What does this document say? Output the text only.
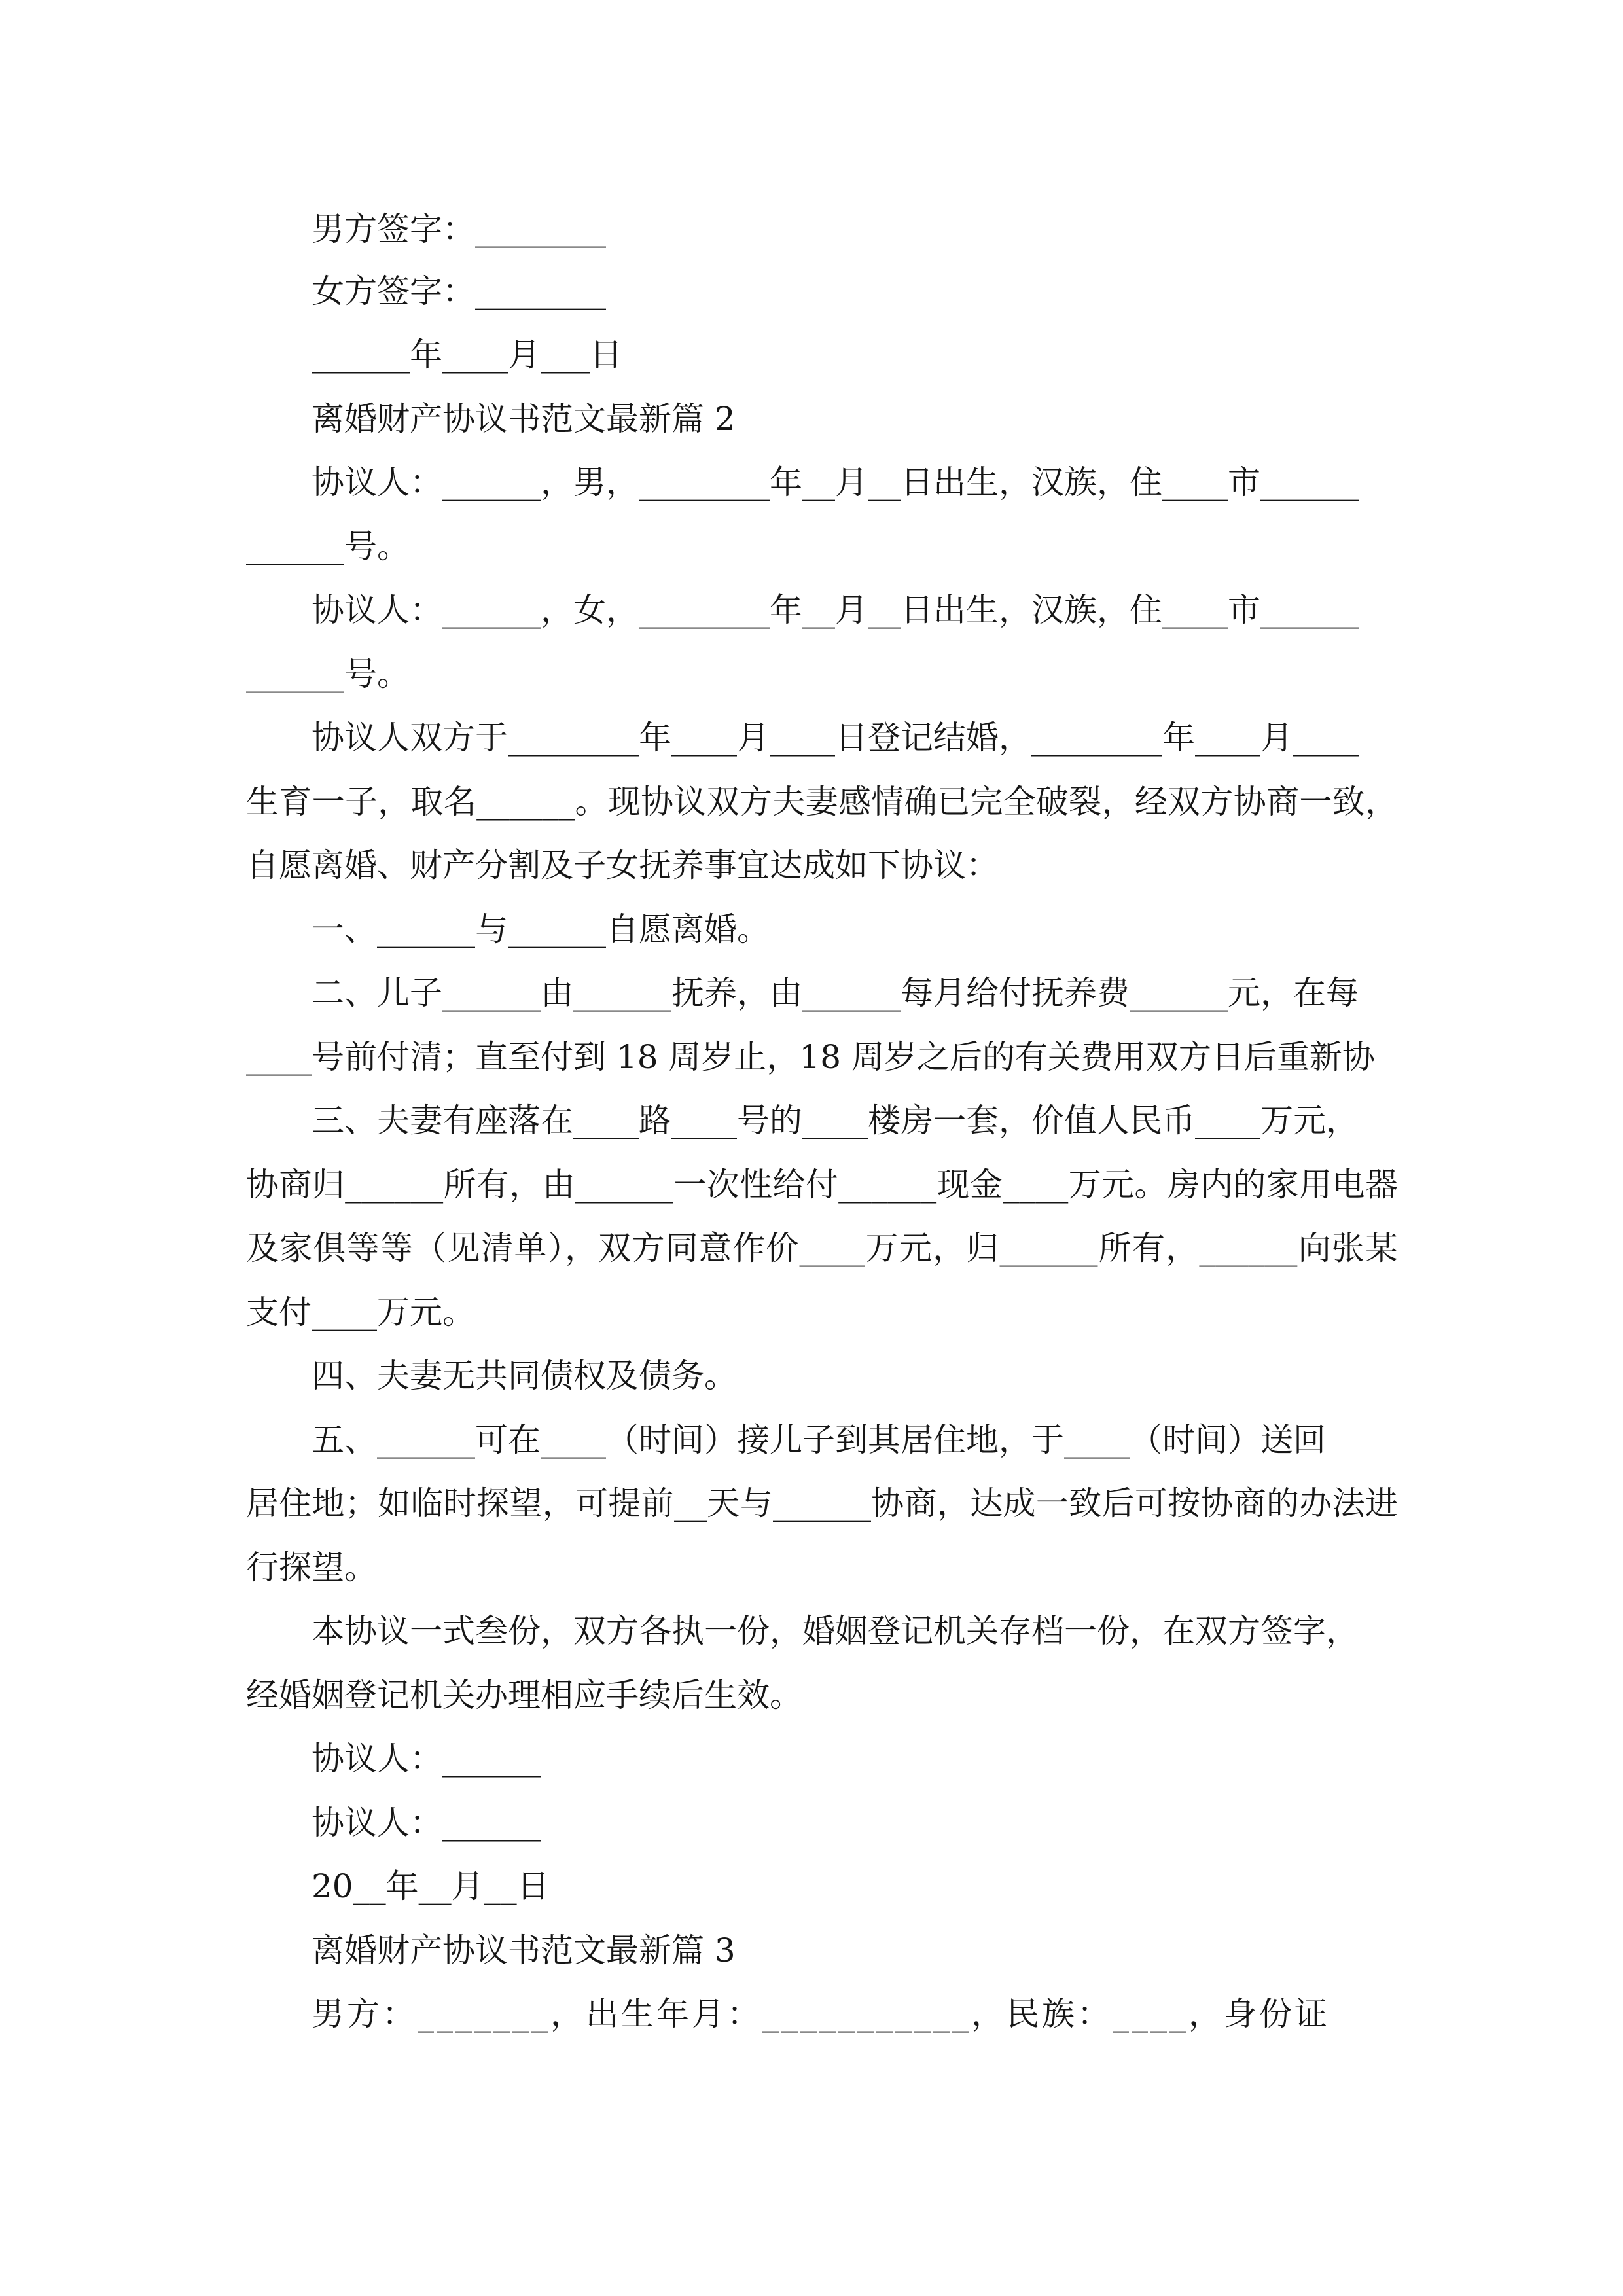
男方签字：________

女方签字：________

______年____月___日

离婚财产协议书范文最新篇 2

协议人：______，男，________年__月__日出生，汉族，住____市______

______号。

协议人：______，女，________年__月__日出生，汉族，住____市______

______号。

协议人双方于________年____月____日登记结婚，________年____月____

生育一子，取名______。现协议双方夫妻感情确已完全破裂，经双方协商一致，

自愿离婚、财产分割及子女抚养事宜达成如下协议：

一、______与______自愿离婚。

二、儿子______由______抚养，由______每月给付抚养费______元，在每

____号前付清；直至付到 18 周岁止，18 周岁之后的有关费用双方日后重新协

三、夫妻有座落在____路____号的____楼房一套，价值人民币____万元，

协商归______所有，由______一次性给付______现金____万元。房内的家用电器

及家俱等等（见清单），双方同意作价____万元，归______所有，______向张某

支付____万元。

四、夫妻无共同债权及债务。

五、______可在____（时间）接儿子到其居住地，于____（时间）送回

居住地；如临时探望，可提前__天与______协商，达成一致后可按协商的办法进

行探望。

本协议一式叁份，双方各执一份，婚姻登记机关存档一份，在双方签字，

经婚姻登记机关办理相应手续后生效。

协议人：______

协议人：______

20__年__月__日

离婚财产协议书范文最新篇 3

男方：_______，出生年月：___________，民族：____，身份证
